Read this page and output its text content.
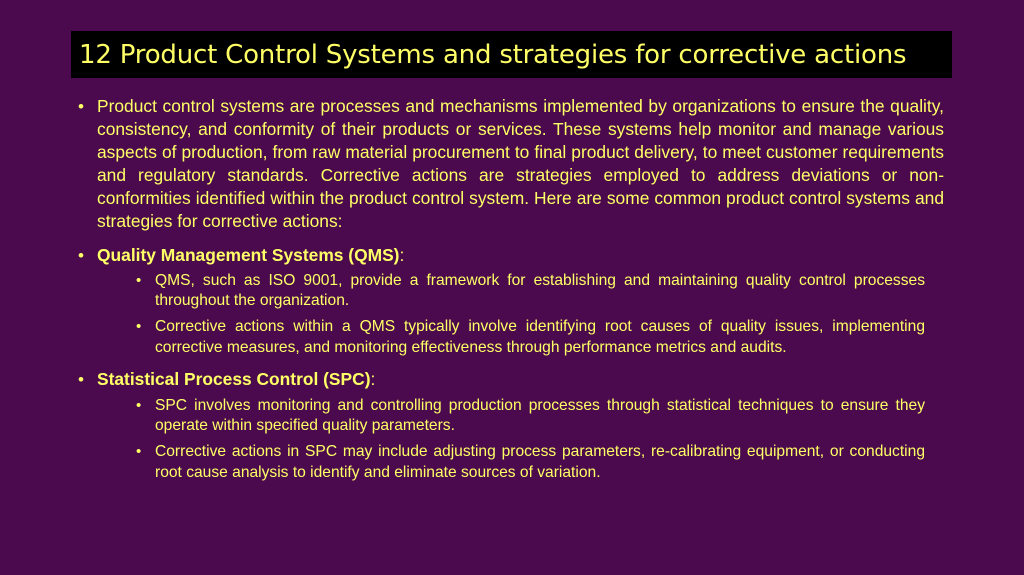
12 Product Control Systems and strategies for corrective actions
• Product control systems are processes and mechanisms implemented by organizations to ensure the quality, consistency, and conformity of their products or services. These systems help monitor and manage various aspects of production, from raw material procurement to final product delivery, to meet customer requirements and regulatory standards. Corrective actions are strategies employed to address deviations or non-conformities identified within the product control system. Here are some common product control systems and strategies for corrective actions:
• Quality Management Systems (QMS):
• QMS, such as ISO 9001, provide a framework for establishing and maintaining quality control processes throughout the organization.
• Corrective actions within a QMS typically involve identifying root causes of quality issues, implementing corrective measures, and monitoring effectiveness through performance metrics and audits.
• Statistical Process Control (SPC):
• SPC involves monitoring and controlling production processes through statistical techniques to ensure they operate within specified quality parameters.
• Corrective actions in SPC may include adjusting process parameters, re-calibrating equipment, or conducting root cause analysis to identify and eliminate sources of variation.
